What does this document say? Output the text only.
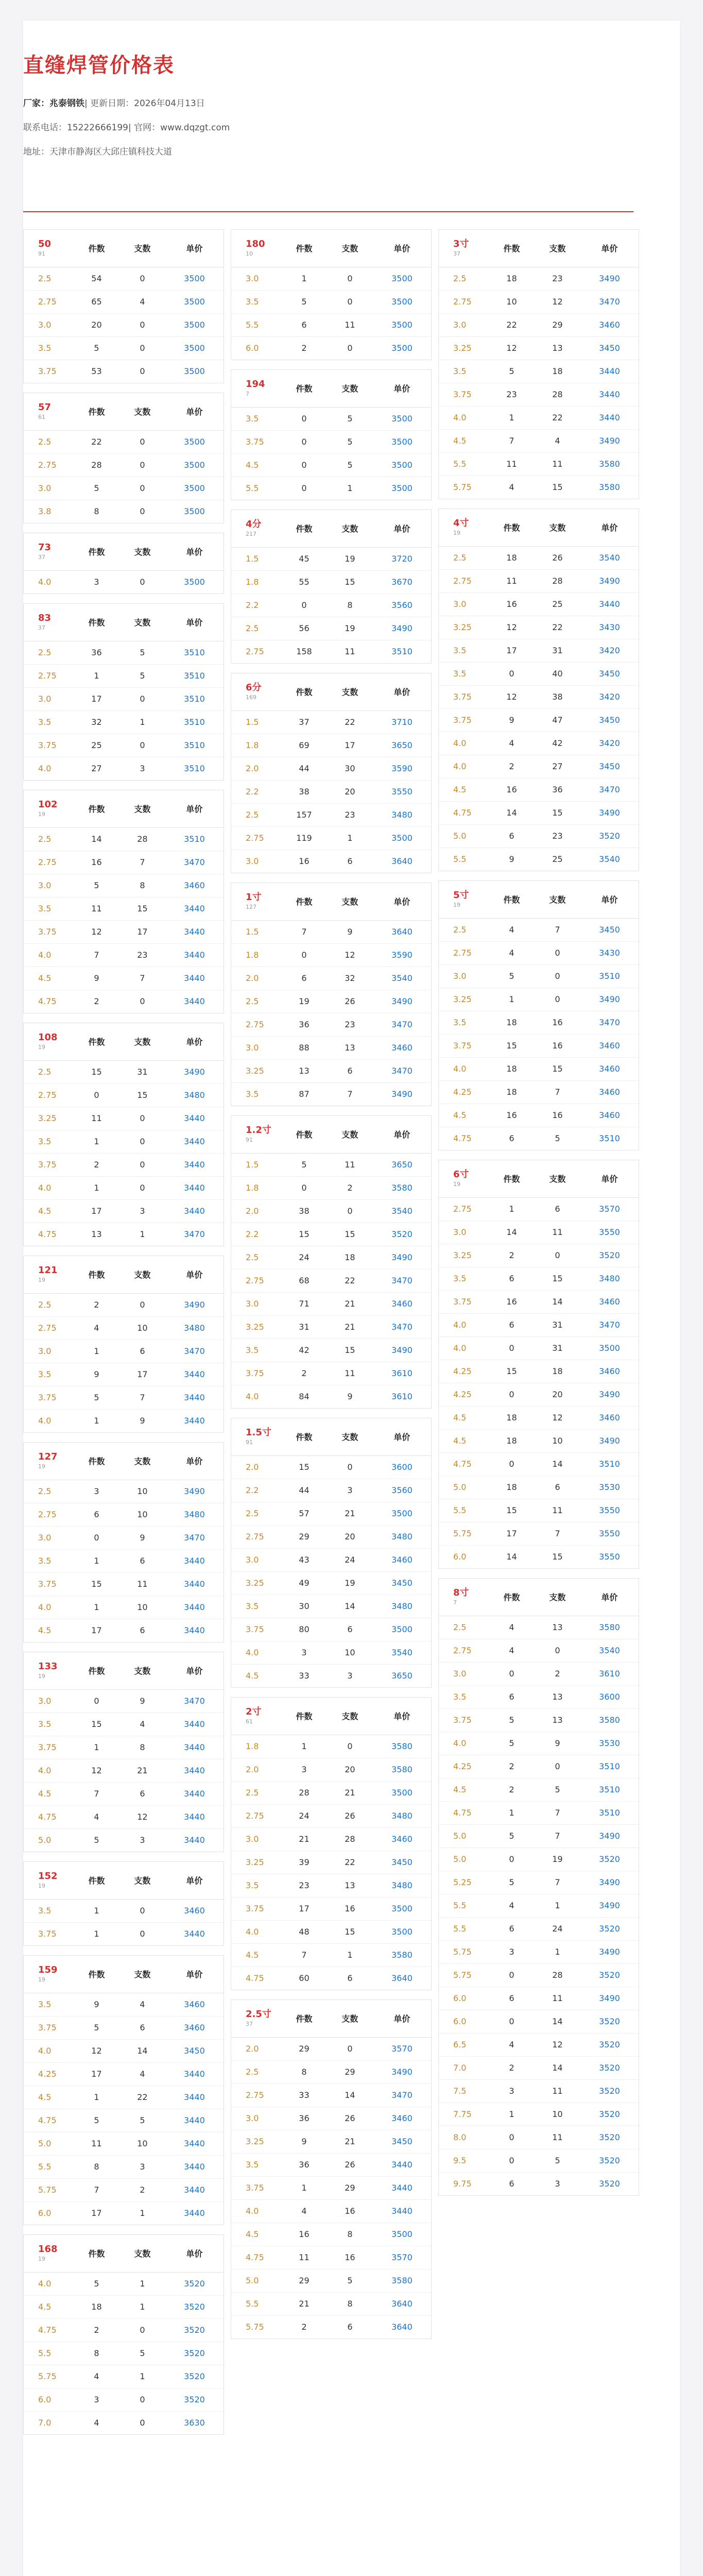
直缝焊管价格表
厂家：兆泰钢铁| 更新日期：2026年04月13日
联系电话：15222666199| 官网：www.dqzgt.com
地址：天津市静海区大邱庄镇科技大道
50
91	件数	支数	单价
2.5	54	0	3500
2.75	65	4	3500
3.0	20	0	3500
3.5	5	0	3500
3.75	53	0	3500
57
61	件数	支数	单价
2.5	22	0	3500
2.75	28	0	3500
3.0	5	0	3500
3.8	8	0	3500
73
37	件数	支数	单价
4.0	3	0	3500
83
37	件数	支数	单价
2.5	36	5	3510
2.75	1	5	3510
3.0	17	0	3510
3.5	32	1	3510
3.75	25	0	3510
4.0	27	3	3510
102
19	件数	支数	单价
2.5	14	28	3510
2.75	16	7	3470
3.0	5	8	3460
3.5	11	15	3440
3.75	12	17	3440
4.0	7	23	3440
4.5	9	7	3440
4.75	2	0	3440
108
19	件数	支数	单价
2.5	15	31	3490
2.75	0	15	3480
3.25	11	0	3440
3.5	1	0	3440
3.75	2	0	3440
4.0	1	0	3440
4.5	17	3	3440
4.75	13	1	3470
121
19	件数	支数	单价
2.5	2	0	3490
2.75	4	10	3480
3.0	1	6	3470
3.5	9	17	3440
3.75	5	7	3440
4.0	1	9	3440
127
19	件数	支数	单价
2.5	3	10	3490
2.75	6	10	3480
3.0	0	9	3470
3.5	1	6	3440
3.75	15	11	3440
4.0	1	10	3440
4.5	17	6	3440
133
19	件数	支数	单价
3.0	0	9	3470
3.5	15	4	3440
3.75	1	8	3440
4.0	12	21	3440
4.5	7	6	3440
4.75	4	12	3440
5.0	5	3	3440
152
19	件数	支数	单价
3.5	1	0	3460
3.75	1	0	3440
159
19	件数	支数	单价
3.5	9	4	3460
3.75	5	6	3460
4.0	12	14	3450
4.25	17	4	3440
4.5	1	22	3440
4.75	5	5	3440
5.0	11	10	3440
5.5	8	3	3440
5.75	7	2	3440
6.0	17	1	3440
168
19	件数	支数	单价
4.0	5	1	3520
4.5	18	1	3520
4.75	2	0	3520
5.5	8	5	3520
5.75	4	1	3520
6.0	3	0	3520
7.0	4	0	3630
180
10	件数	支数	单价
3.0	1	0	3500
3.5	5	0	3500
5.5	6	11	3500
6.0	2	0	3500
194
7	件数	支数	单价
3.5	0	5	3500
3.75	0	5	3500
4.5	0	5	3500
5.5	0	1	3500
4分
217	件数	支数	单价
1.5	45	19	3720
1.8	55	15	3670
2.2	0	8	3560
2.5	56	19	3490
2.75	158	11	3510
6分
169	件数	支数	单价
1.5	37	22	3710
1.8	69	17	3650
2.0	44	30	3590
2.2	38	20	3550
2.5	157	23	3480
2.75	119	1	3500
3.0	16	6	3640
1寸
127	件数	支数	单价
1.5	7	9	3640
1.8	0	12	3590
2.0	6	32	3540
2.5	19	26	3490
2.75	36	23	3470
3.0	88	13	3460
3.25	13	6	3470
3.5	87	7	3490
1.2寸
91	件数	支数	单价
1.5	5	11	3650
1.8	0	2	3580
2.0	38	0	3540
2.2	15	15	3520
2.5	24	18	3490
2.75	68	22	3470
3.0	71	21	3460
3.25	31	21	3470
3.5	42	15	3490
3.75	2	11	3610
4.0	84	9	3610
1.5寸
91	件数	支数	单价
2.0	15	0	3600
2.2	44	3	3560
2.5	57	21	3500
2.75	29	20	3480
3.0	43	24	3460
3.25	49	19	3450
3.5	30	14	3480
3.75	80	6	3500
4.0	3	10	3540
4.5	33	3	3650
2寸
61	件数	支数	单价
1.8	1	0	3580
2.0	3	20	3580
2.5	28	21	3500
2.75	24	26	3480
3.0	21	28	3460
3.25	39	22	3450
3.5	23	13	3480
3.75	17	16	3500
4.0	48	15	3500
4.5	7	1	3580
4.75	60	6	3640
2.5寸
37	件数	支数	单价
2.0	29	0	3570
2.5	8	29	3490
2.75	33	14	3470
3.0	36	26	3460
3.25	9	21	3450
3.5	36	26	3440
3.75	1	29	3440
4.0	4	16	3440
4.5	16	8	3500
4.75	11	16	3570
5.0	29	5	3580
5.5	21	8	3640
5.75	2	6	3640
3寸
37	件数	支数	单价
2.5	18	23	3490
2.75	10	12	3470
3.0	22	29	3460
3.25	12	13	3450
3.5	5	18	3440
3.75	23	28	3440
4.0	1	22	3440
4.5	7	4	3490
5.5	11	11	3580
5.75	4	15	3580
4寸
19	件数	支数	单价
2.5	18	26	3540
2.75	11	28	3490
3.0	16	25	3440
3.25	12	22	3430
3.5	17	31	3420
3.5	0	40	3450
3.75	12	38	3420
3.75	9	47	3450
4.0	4	42	3420
4.0	2	27	3450
4.5	16	36	3470
4.75	14	15	3490
5.0	6	23	3520
5.5	9	25	3540
5寸
19	件数	支数	单价
2.5	4	7	3450
2.75	4	0	3430
3.0	5	0	3510
3.25	1	0	3490
3.5	18	16	3470
3.75	15	16	3460
4.0	18	15	3460
4.25	18	7	3460
4.5	16	16	3460
4.75	6	5	3510
6寸
19	件数	支数	单价
2.75	1	6	3570
3.0	14	11	3550
3.25	2	0	3520
3.5	6	15	3480
3.75	16	14	3460
4.0	6	31	3470
4.0	0	31	3500
4.25	15	18	3460
4.25	0	20	3490
4.5	18	12	3460
4.5	18	10	3490
4.75	0	14	3510
5.0	18	6	3530
5.5	15	11	3550
5.75	17	7	3550
6.0	14	15	3550
8寸
7	件数	支数	单价
2.5	4	13	3580
2.75	4	0	3540
3.0	0	2	3610
3.5	6	13	3600
3.75	5	13	3580
4.0	5	9	3530
4.25	2	0	3510
4.5	2	5	3510
4.75	1	7	3510
5.0	5	7	3490
5.0	0	19	3520
5.25	5	7	3490
5.5	4	1	3490
5.5	6	24	3520
5.75	3	1	3490
5.75	0	28	3520
6.0	6	11	3490
6.0	0	14	3520
6.5	4	12	3520
7.0	2	14	3520
7.5	3	11	3520
7.75	1	10	3520
8.0	0	11	3520
9.5	0	5	3520
9.75	6	3	3520
